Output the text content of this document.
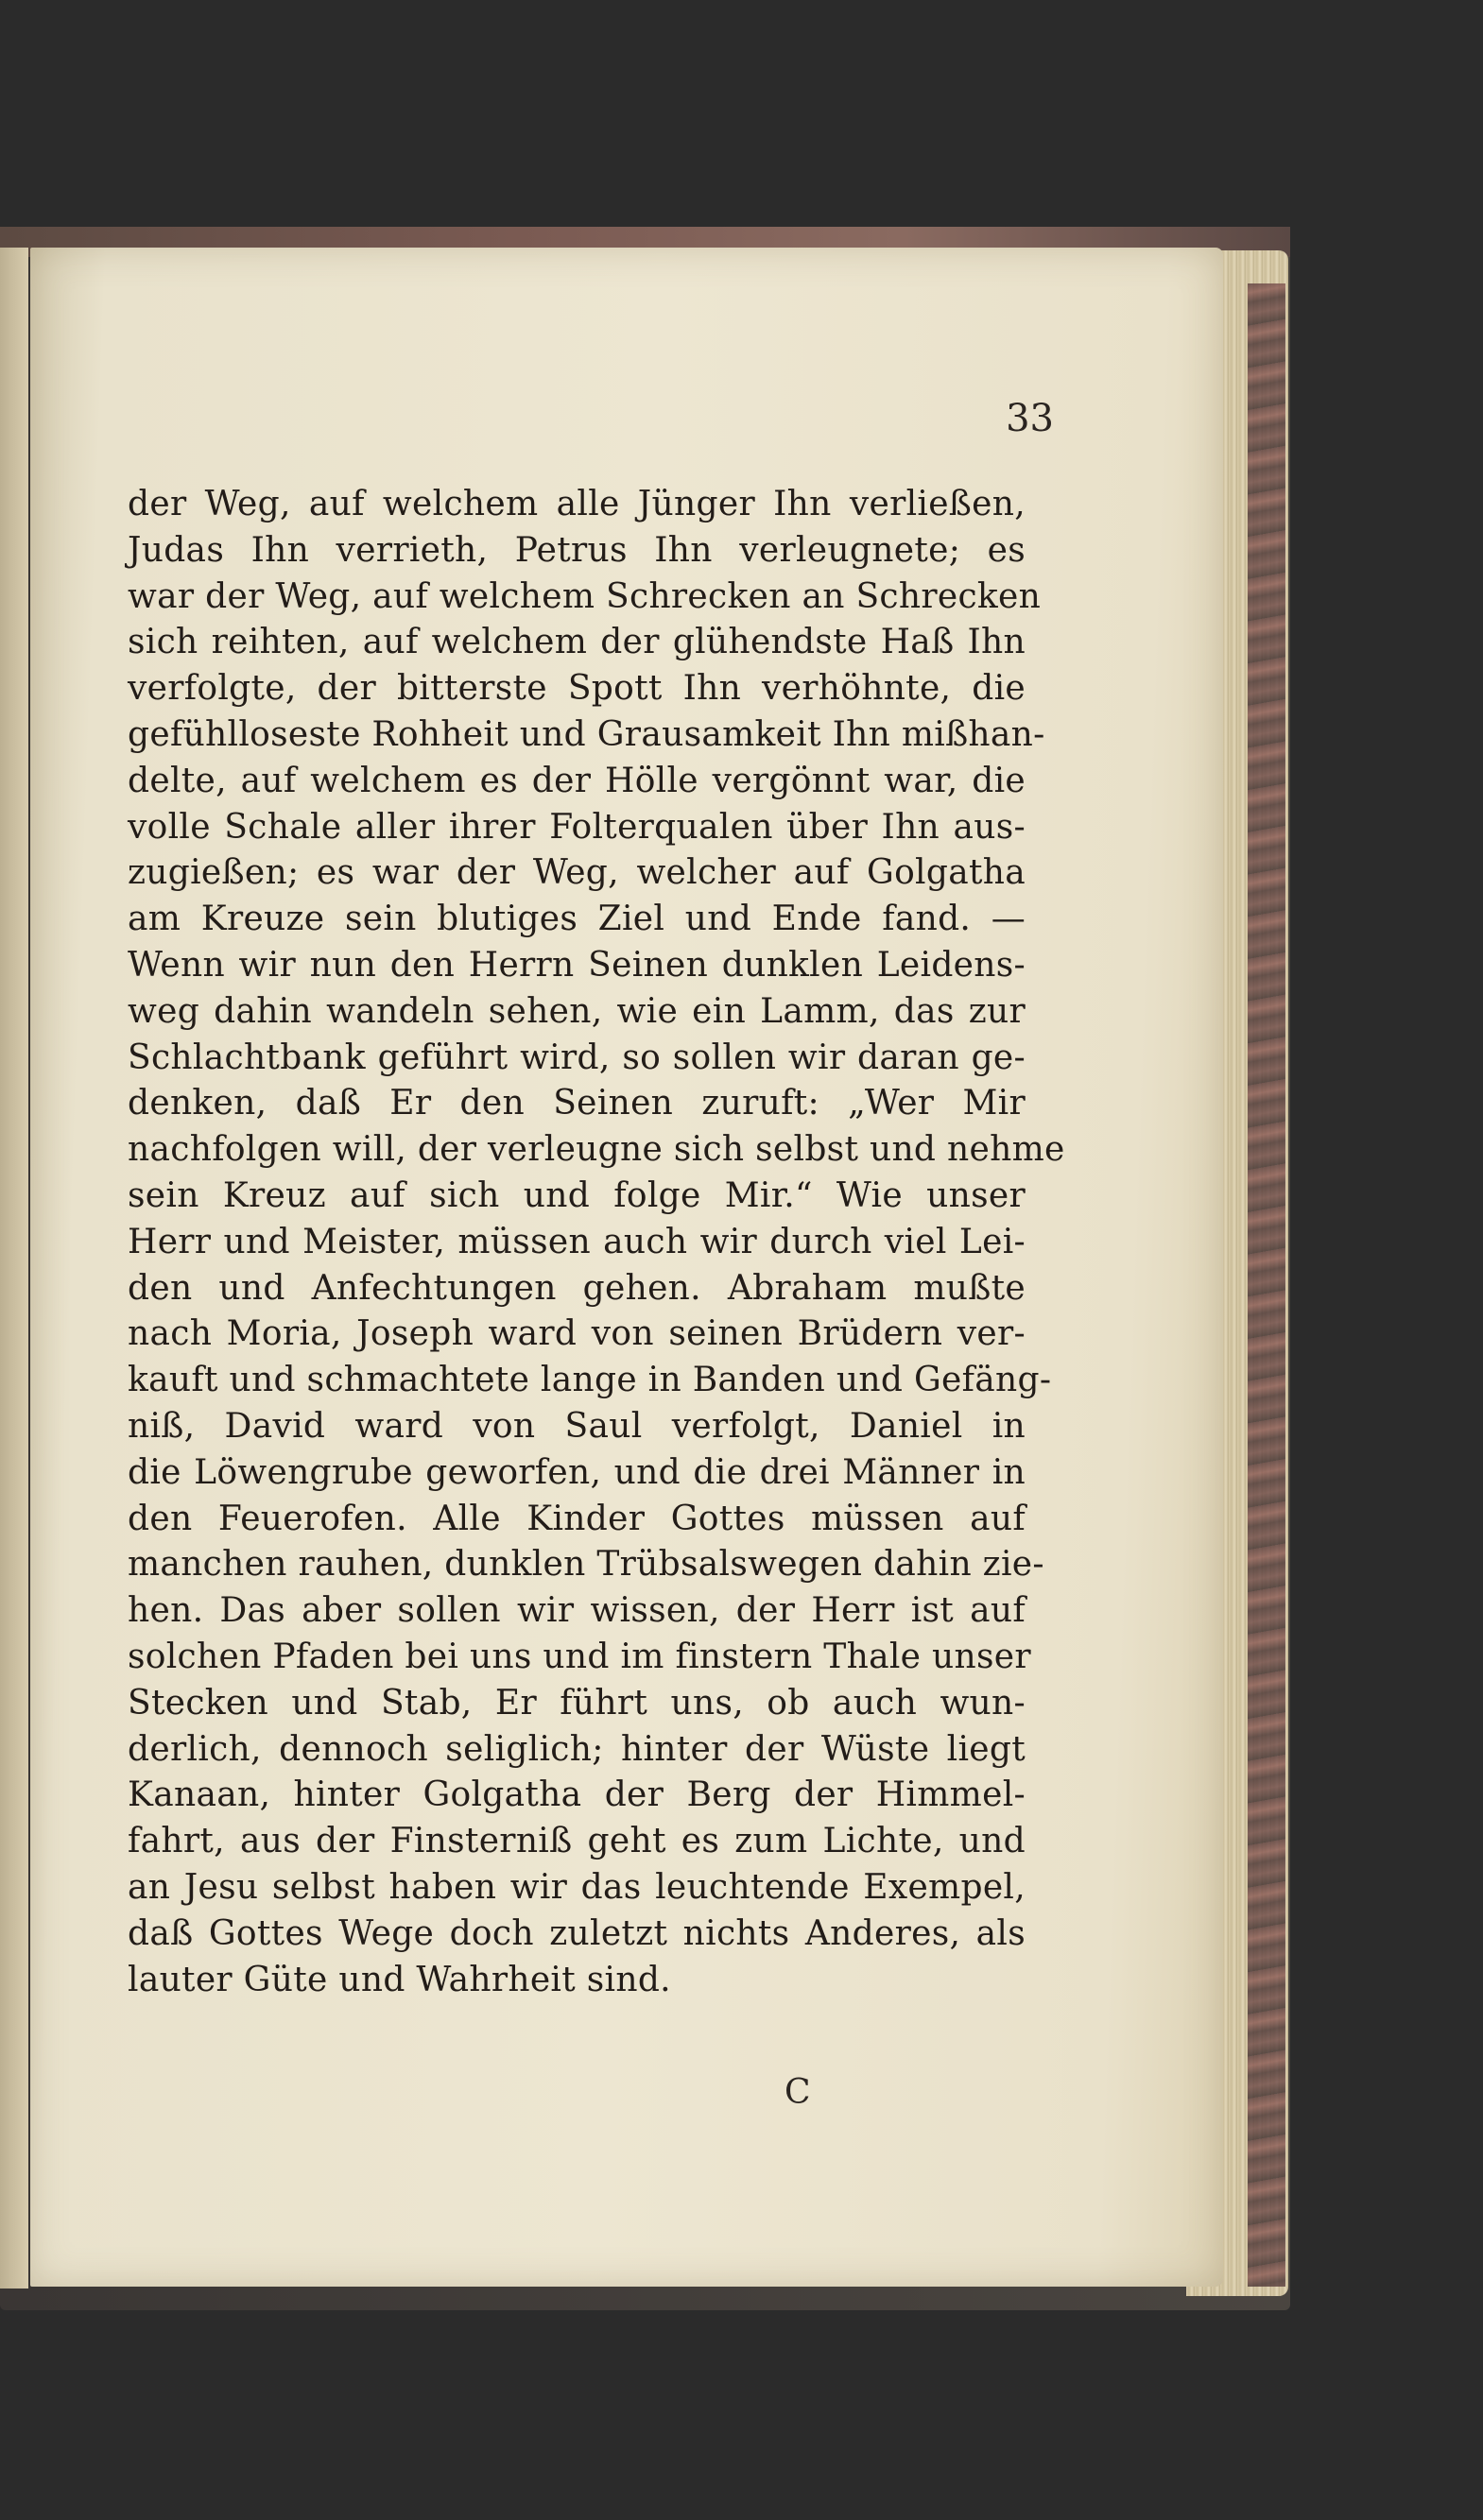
33
der Weg, auf welchem alle Jünger Ihn verließen,
Judas Ihn verrieth, Petrus Ihn verleugnete; es
war der Weg, auf welchem Schrecken an Schrecken
sich reihten, auf welchem der glühendste Haß Ihn
verfolgte, der bitterste Spott Ihn verhöhnte, die
gefühlloseste Rohheit und Grausamkeit Ihn mißhan-
delte, auf welchem es der Hölle vergönnt war, die
volle Schale aller ihrer Folterqualen über Ihn aus-
zugießen; es war der Weg, welcher auf Golgatha
am Kreuze sein blutiges Ziel und Ende fand. —
Wenn wir nun den Herrn Seinen dunklen Leidens-
weg dahin wandeln sehen, wie ein Lamm, das zur
Schlachtbank geführt wird, so sollen wir daran ge-
denken, daß Er den Seinen zuruft: „Wer Mir
nachfolgen will, der verleugne sich selbst und nehme
sein Kreuz auf sich und folge Mir.“ Wie unser
Herr und Meister, müssen auch wir durch viel Lei-
den und Anfechtungen gehen. Abraham mußte
nach Moria, Joseph ward von seinen Brüdern ver-
kauft und schmachtete lange in Banden und Gefäng-
niß, David ward von Saul verfolgt, Daniel in
die Löwengrube geworfen, und die drei Männer in
den Feuerofen. Alle Kinder Gottes müssen auf
manchen rauhen, dunklen Trübsalswegen dahin zie-
hen. Das aber sollen wir wissen, der Herr ist auf
solchen Pfaden bei uns und im finstern Thale unser
Stecken und Stab, Er führt uns, ob auch wun-
derlich, dennoch seliglich; hinter der Wüste liegt
Kanaan, hinter Golgatha der Berg der Himmel-
fahrt, aus der Finsterniß geht es zum Lichte, und
an Jesu selbst haben wir das leuchtende Exempel,
daß Gottes Wege doch zuletzt nichts Anderes, als
lauter Güte und Wahrheit sind.
C
